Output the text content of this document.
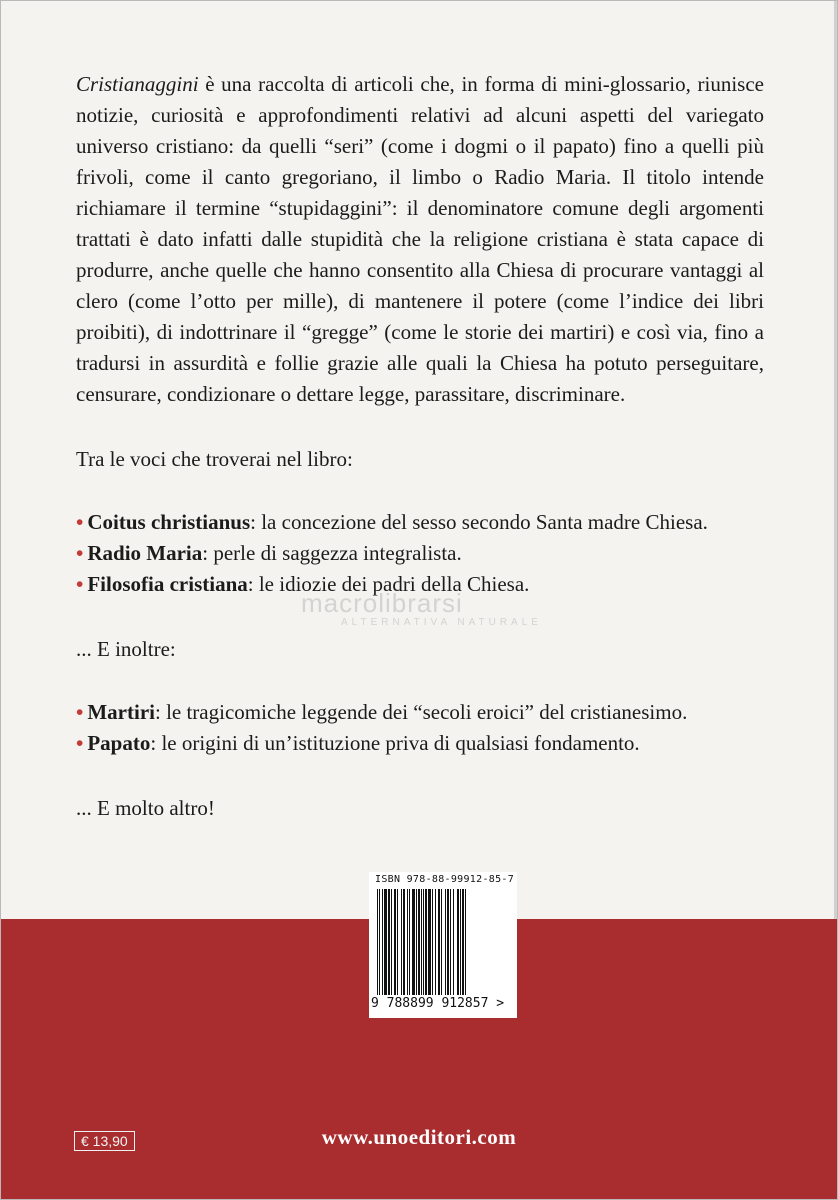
Cristianaggini è una raccolta di articoli che, in forma di mini-glossario, riunisce notizie, curiosità e approfondimenti relativi ad alcuni aspetti del variegato universo cristiano: da quelli “seri” (come i dogmi o il papato) fino a quelli più frivoli, come il canto gregoriano, il limbo o Radio Maria. Il titolo intende richiamare il termine “stupidaggini”: il denominatore comune degli argomenti trattati è dato infatti dalle stupidità che la religione cristiana è stata capace di produrre, anche quelle che hanno consentito alla Chiesa di procurare vantaggi al clero (come l’otto per mille), di mantenere il potere (come l’indice dei libri proibiti), di indottrinare il “gregge” (come le storie dei martiri) e così via, fino a tradursi in assurdità e follie grazie alle quali la Chiesa ha potuto perseguitare, censurare, condizionare o dettare legge, parassitare, discriminare.

Tra le voci che troverai nel libro:

• Coitus christianus: la concezione del sesso secondo Santa madre Chiesa.
• Radio Maria: perle di saggezza integralista.
• Filosofia cristiana: le idiozie dei padri della Chiesa.

... E inoltre:

• Martiri: le tragicomiche leggende dei “secoli eroici” del cristianesimo.
• Papato: le origini di un’istituzione priva di qualsiasi fondamento.

... E molto altro!

macrolibrarsi
ALTERNATIVA NATURALE
ISBN 978-88-99912-85-7
9 788899 912857 >
€ 13,90	www.unoeditori.com
